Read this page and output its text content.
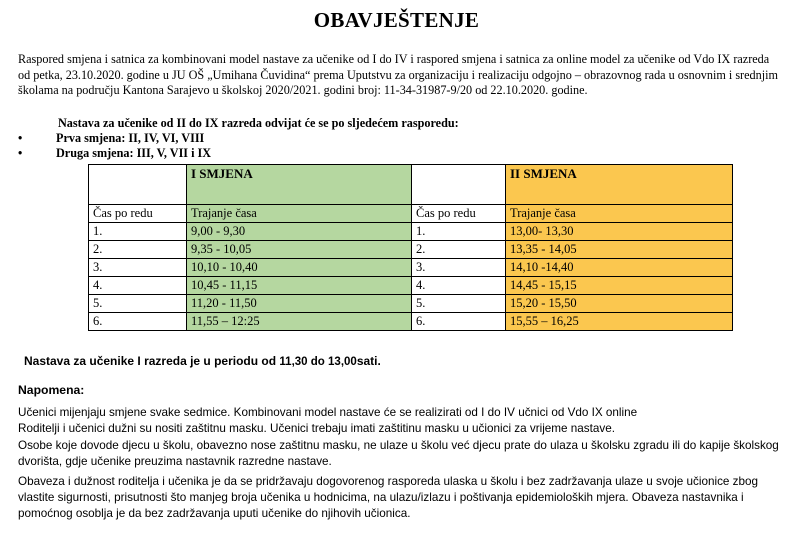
OBAVJEŠTENJE
Raspored smjena i satnica za kombinovani model nastave za učenike od I do IV i raspored smjena i satnica za online model za učenike od Vdo IX razreda od petka, 23.10.2020. godine u JU OŠ „Umihana Čuvidina“ prema Uputstvu za organizaciju i realizaciju odgojno – obrazovnog rada u osnovnim i srednjim školama na području Kantona Sarajevo u školskoj 2020/2021. godini broj: 11-34-31987-9/20 od 22.10.2020. godine.
Nastava za učenike od II do IX razreda odvijat će se po sljedećem rasporedu:
•	Prva smjena: II, IV, VI, VIII
•	Druga smjena: III, V, VII i IX
	I SMJENA		II SMJENA
Čas po redu	Trajanje časa	Čas po redu	Trajanje časa
1.	9,00 - 9,30	1.	13,00- 13,30
2.	9,35 - 10,05	2.	13,35 - 14,05
3.	10,10 - 10,40	3.	14,10 -14,40
4.	10,45 - 11,15	4.	14,45 - 15,15
5.	11,20 - 11,50	5.	15,20 - 15,50
6.	11,55 – 12:25	6.	15,55 – 16,25
Nastava za učenike I razreda je u periodu od 11,30 do 13,00sati.
Napomena:
Učenici mijenjaju smjene svake sedmice. Kombinovani model nastave će se realizirati od I do IV učnici od Vdo IX online
Roditelji i učenici dužni su nositi zaštitnu masku. Učenici trebaju imati zaštitinu masku u učionici za vrijeme nastave.
Osobe koje dovode djecu u školu, obavezno nose zaštitnu masku, ne ulaze u školu već djecu prate do ulaza u školsku zgradu ili do kapije školskog dvorišta, gdje učenike preuzima nastavnik razredne nastave.
Obaveza i dužnost roditelja i učenika je da se pridržavaju dogovorenog rasporeda ulaska u školu i bez zadržavanja ulaze u svoje učionice zbog vlastite sigurnosti, prisutnosti što manjeg broja učenika u hodnicima, na ulazu/izlazu i poštivanja epidemioloških mjera. Obaveza nastavnika i pomoćnog osoblja je da bez zadržavanja uputi učenike do njihovih učionica.
